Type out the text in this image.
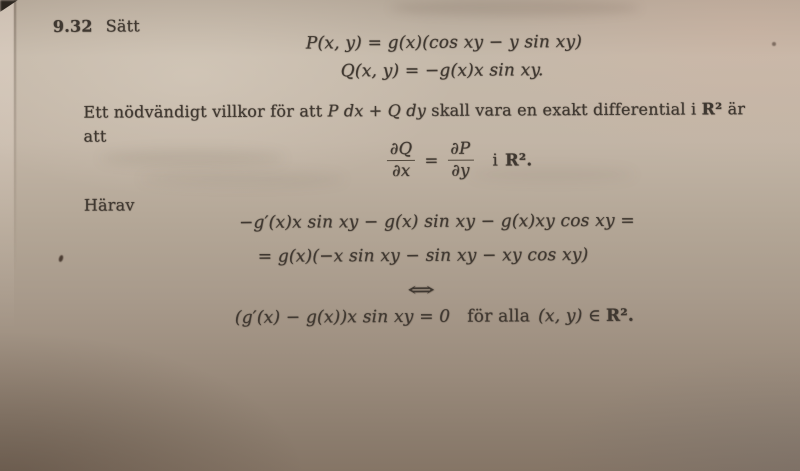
9.32 Sätt
P(x, y) = g(x)(cos xy − y sin xy)
Q(x, y) = −g(x)x sin xy.
Ett nödvändigt villkor för att P dx + Q dy skall vara en exakt differential i R² är
att
$\frac{\partial Q}{\partial x} = \frac{\partial P}{\partial y}$ i R².
Härav
−g′(x)x sin xy − g(x) sin xy − g(x)xy cos xy =
= g(x)(−x sin xy − sin xy − xy cos xy)
⇔
(g′(x) − g(x))x sin xy = 0 för alla (x, y) ∈ R².
